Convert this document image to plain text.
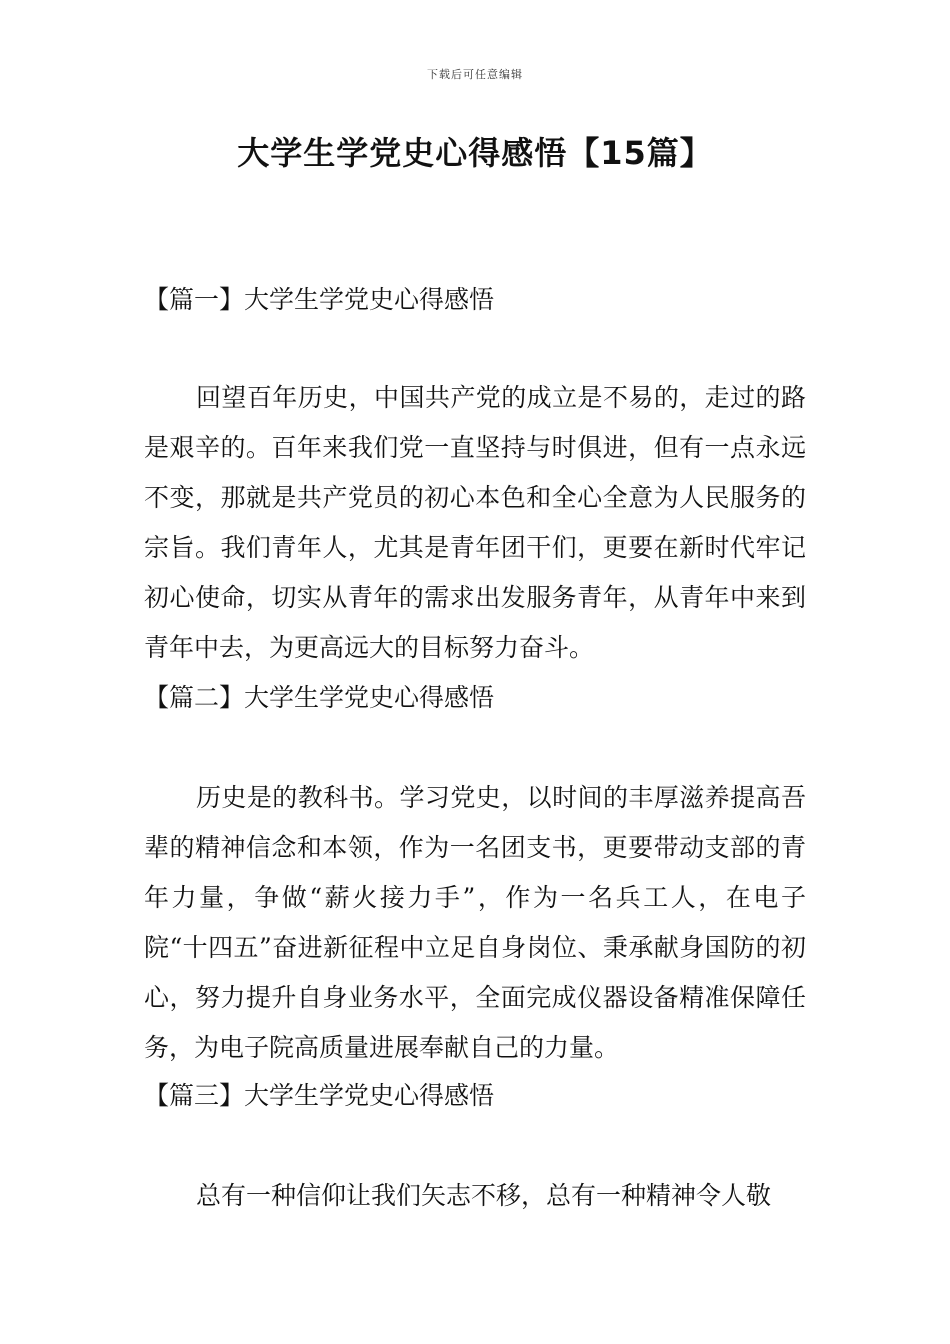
下载后可任意编辑
大学生学党史心得感悟【15篇】
【篇一】大学生学党史心得感悟

回望百年历史，中国共产党的成立是不易的，走过的路是艰辛的。百年来我们党一直坚持与时俱进，但有一点永远不变，那就是共产党员的初心本色和全心全意为人民服务的宗旨。我们青年人，尤其是青年团干们，更要在新时代牢记初心使命，切实从青年的需求出发服务青年，从青年中来到青年中去，为更高远大的目标努力奋斗。

【篇二】大学生学党史心得感悟

历史是的教科书。学习党史，以时间的丰厚滋养提高吾辈的精神信念和本领，作为一名团支书，更要带动支部的青年力量，争做“薪火接力手”，作为一名兵工人，在电子院“十四五”奋进新征程中立足自身岗位、秉承献身国防的初心，努力提升自身业务水平，全面完成仪器设备精准保障任务，为电子院高质量进展奉献自己的力量。

【篇三】大学生学党史心得感悟

总有一种信仰让我们矢志不移，总有一种精神令人敬
